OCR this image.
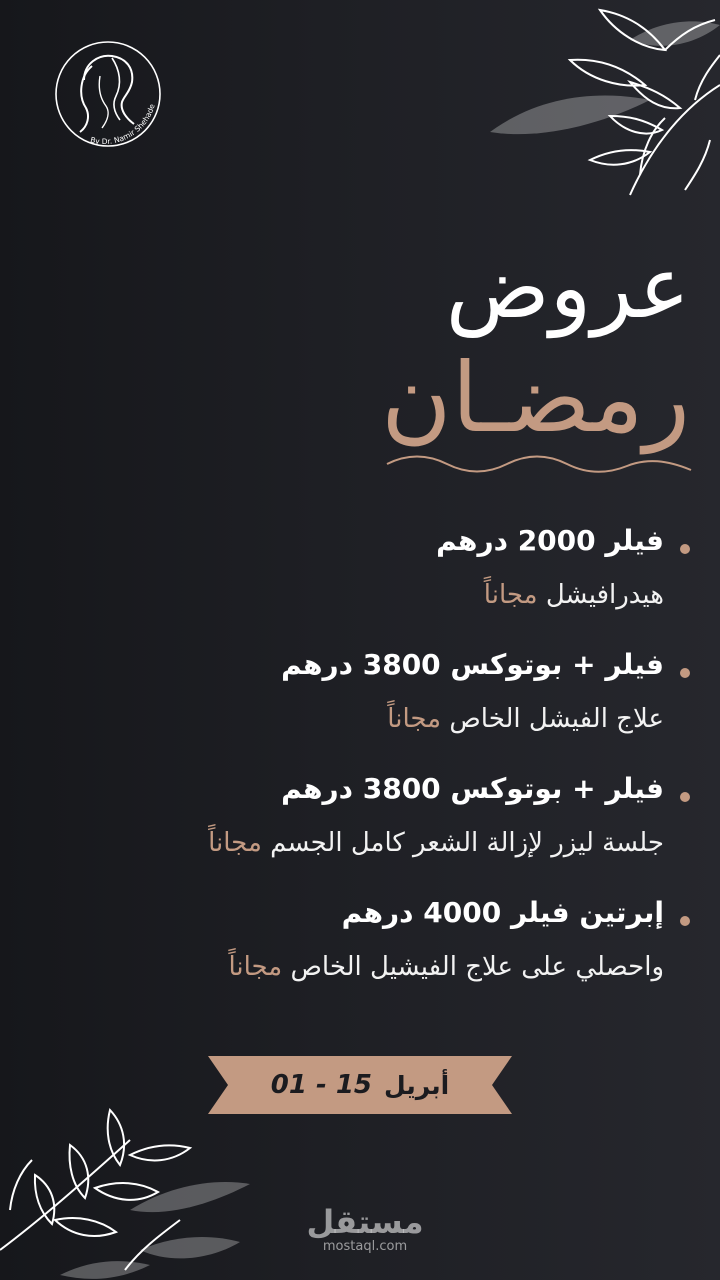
By Dr. Namir Shehade
عروض
رمضـان
فيلر 2000 درهم
هيدرافيشل مجاناً
فيلر + بوتوكس 3800 درهم
علاج الفيشل الخاص مجاناً
فيلر + بوتوكس 3800 درهم
جلسة ليزر لإزالة الشعر كامل الجسم مجاناً
إبرتين فيلر 4000 درهم
واحصلي على علاج الفيشيل الخاص مجاناً
أبريل
01 - 15
مستقل
mostaql.com
